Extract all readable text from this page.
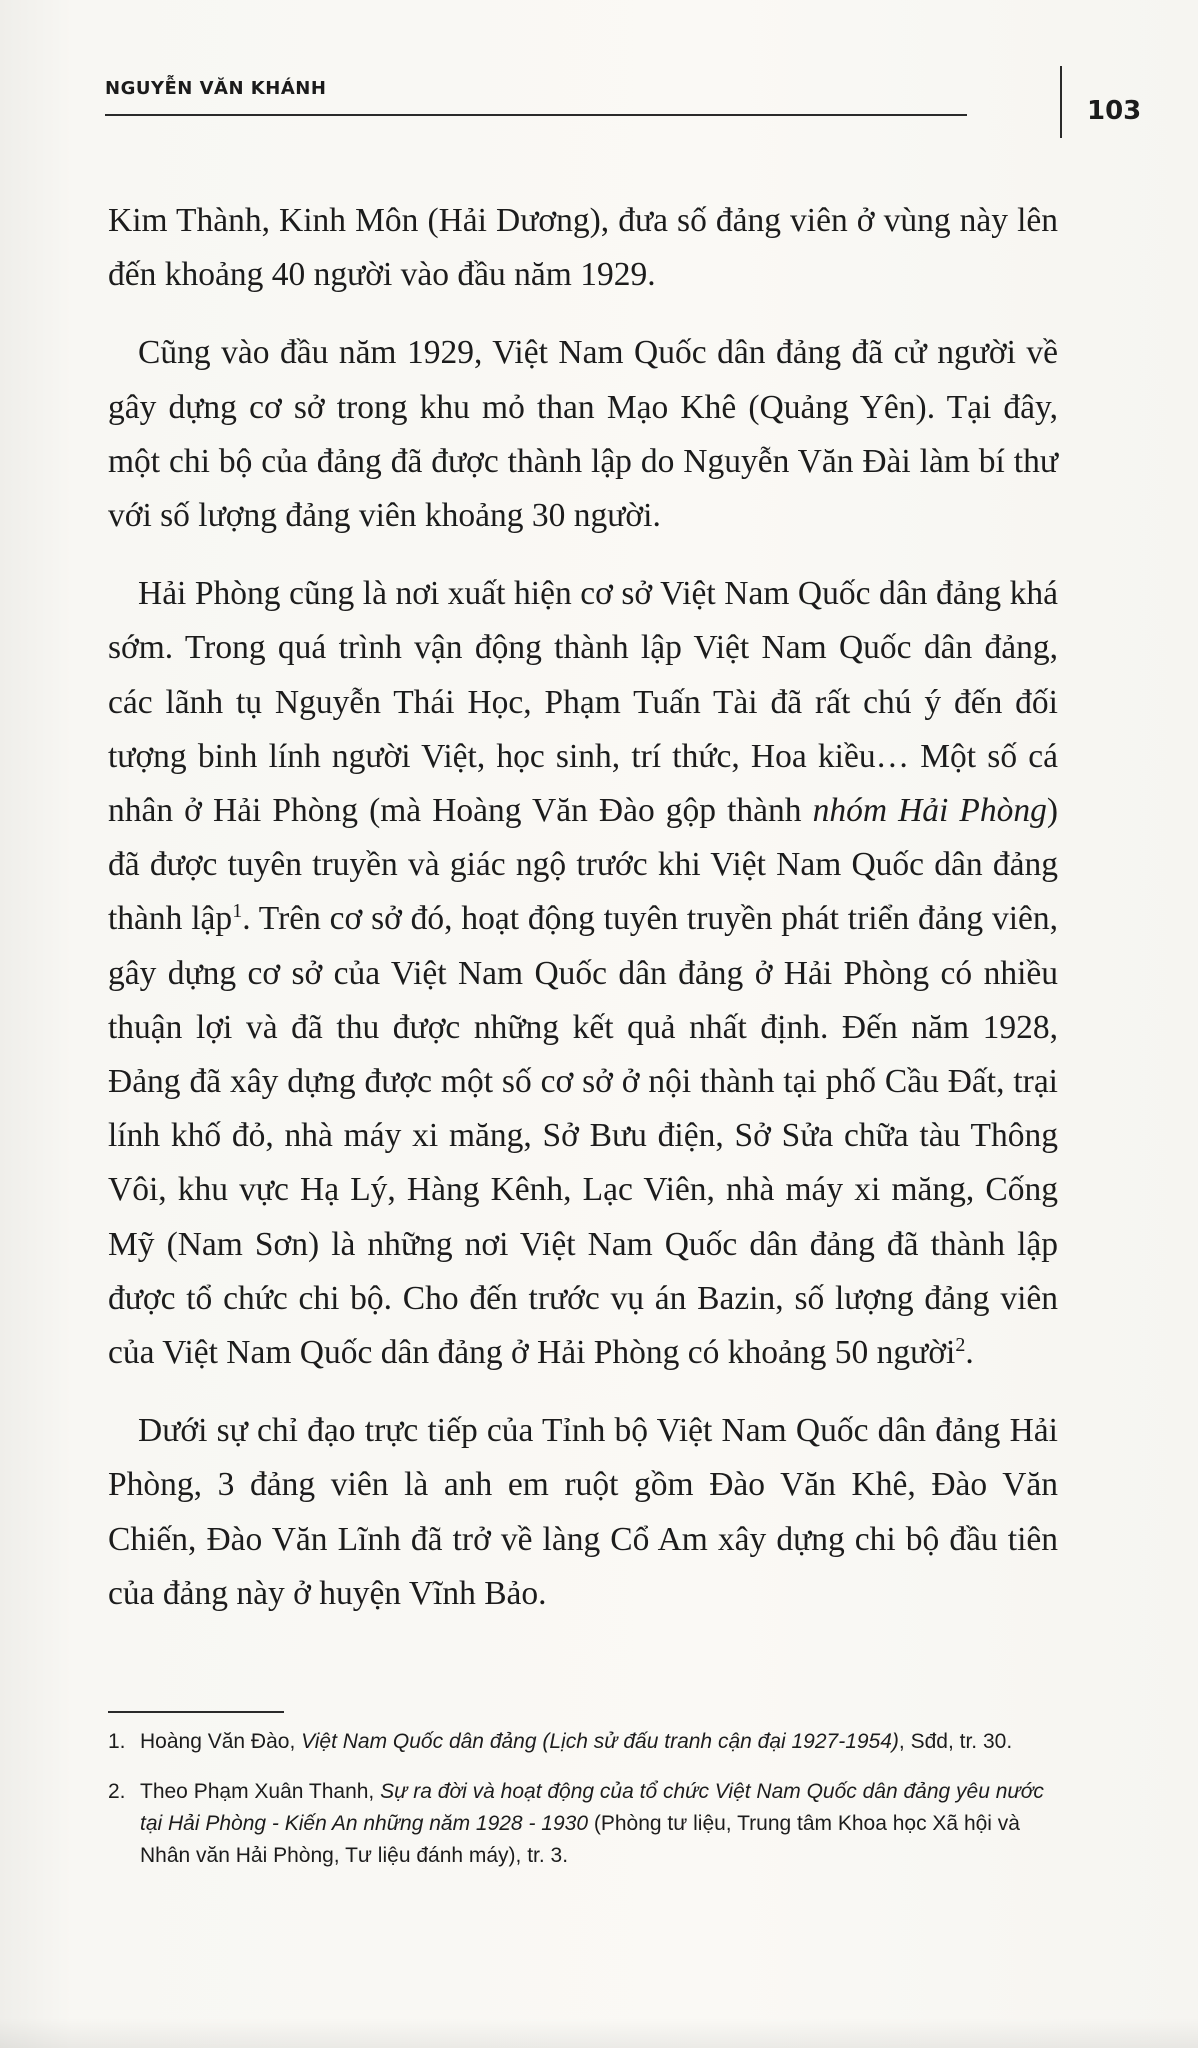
NGUYỄN VĂN KHÁNH
103

Kim Thành, Kinh Môn (Hải Dương), đưa số đảng viên ở vùng này lên đến khoảng 40 người vào đầu năm 1929.

Cũng vào đầu năm 1929, Việt Nam Quốc dân đảng đã cử người về gây dựng cơ sở trong khu mỏ than Mạo Khê (Quảng Yên). Tại đây, một chi bộ của đảng đã được thành lập do Nguyễn Văn Đài làm bí thư với số lượng đảng viên khoảng 30 người.

Hải Phòng cũng là nơi xuất hiện cơ sở Việt Nam Quốc dân đảng khá sớm. Trong quá trình vận động thành lập Việt Nam Quốc dân đảng, các lãnh tụ Nguyễn Thái Học, Phạm Tuấn Tài đã rất chú ý đến đối tượng binh lính người Việt, học sinh, trí thức, Hoa kiều… Một số cá nhân ở Hải Phòng (mà Hoàng Văn Đào gộp thành nhóm Hải Phòng) đã được tuyên truyền và giác ngộ trước khi Việt Nam Quốc dân đảng thành lập$^1$. Trên cơ sở đó, hoạt động tuyên truyền phát triển đảng viên, gây dựng cơ sở của Việt Nam Quốc dân đảng ở Hải Phòng có nhiều thuận lợi và đã thu được những kết quả nhất định. Đến năm 1928, Đảng đã xây dựng được một số cơ sở ở nội thành tại phố Cầu Đất, trại lính khố đỏ, nhà máy xi măng, Sở Bưu điện, Sở Sửa chữa tàu Thông Vôi, khu vực Hạ Lý, Hàng Kênh, Lạc Viên, nhà máy xi măng, Cống Mỹ (Nam Sơn) là những nơi Việt Nam Quốc dân đảng đã thành lập được tổ chức chi bộ. Cho đến trước vụ án Bazin, số lượng đảng viên của Việt Nam Quốc dân đảng ở Hải Phòng có khoảng 50 người$^2$.

Dưới sự chỉ đạo trực tiếp của Tỉnh bộ Việt Nam Quốc dân đảng Hải Phòng, 3 đảng viên là anh em ruột gồm Đào Văn Khê, Đào Văn Chiến, Đào Văn Lĩnh đã trở về làng Cổ Am xây dựng chi bộ đầu tiên của đảng này ở huyện Vĩnh Bảo.

1. Hoàng Văn Đào, Việt Nam Quốc dân đảng (Lịch sử đấu tranh cận đại 1927-1954), Sđd, tr. 30.
2. Theo Phạm Xuân Thanh, Sự ra đời và hoạt động của tổ chức Việt Nam Quốc dân đảng yêu nước tại Hải Phòng - Kiến An những năm 1928 - 1930 (Phòng tư liệu, Trung tâm Khoa học Xã hội và Nhân văn Hải Phòng, Tư liệu đánh máy), tr. 3.
